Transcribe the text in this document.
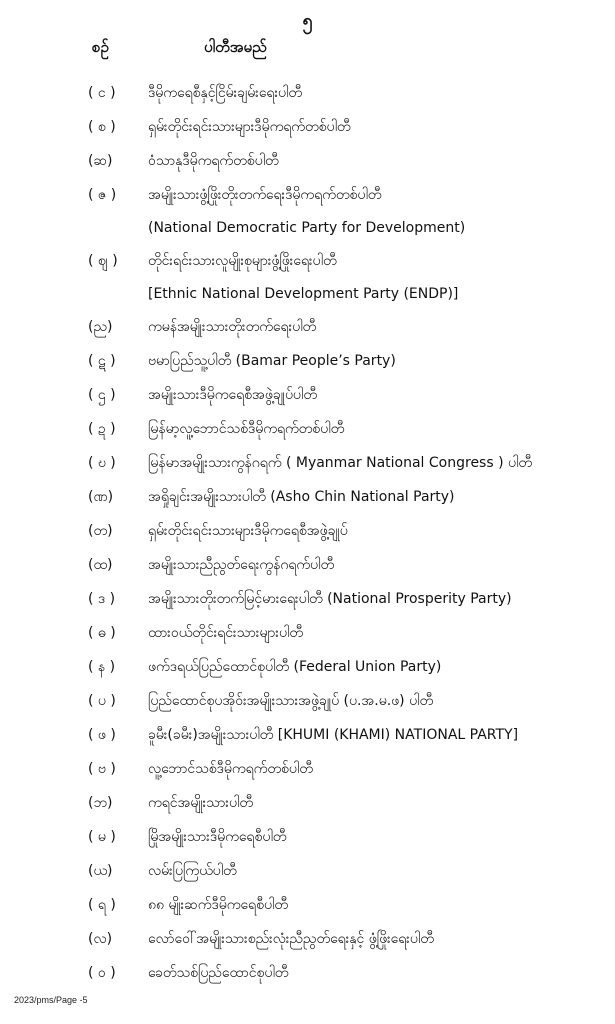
၅
စဉ်	ပါတီအမည်
( င )	ဒီမိုကရေစီနှင့်ငြိမ်းချမ်းရေးပါတီ
( စ )	ရှမ်းတိုင်းရင်းသားများဒီမိုကရက်တစ်ပါတီ
(ဆ)	ဝံသာနုဒီမိုကရက်တစ်ပါတီ
( ဇ )	အမျိုးသားဖွံ့ဖြိုးတိုးတက်ရေးဒီမိုကရက်တစ်ပါတီ
(National Democratic Party for Development)
( ဈ )	တိုင်းရင်းသားလူမျိုးစုများဖွံ့ဖြိုးရေးပါတီ
[Ethnic National Development Party (ENDP)]
(ည)	ကမန်အမျိုးသားတိုးတက်ရေးပါတီ
( ဋ )	ဗမာပြည်သူ့ပါတီ (Bamar People’s Party)
( ဌ )	အမျိုးသားဒီမိုကရေစီအဖွဲ့ချုပ်ပါတီ
( ဍ )	မြန်မာ့လူ့ဘောင်သစ်ဒီမိုကရက်တစ်ပါတီ
( ဎ )	မြန်မာအမျိုးသားကွန်ဂရက် ( Myanmar National Congress ) ပါတီ
(ဏ)	အရှိုချင်းအမျိုးသားပါတီ (Asho Chin National Party)
(တ)	ရှမ်းတိုင်းရင်းသားများဒီမိုကရေစီအဖွဲ့ချုပ်
(ထ)	အမျိုးသားညီညွတ်ရေးကွန်ဂရက်ပါတီ
( ဒ )	အမျိုးသားတိုးတက်မြင့်မားရေးပါတီ (National Prosperity Party)
( ဓ )	ထားဝယ်တိုင်းရင်းသားများပါတီ
( န )	ဖက်ဒရယ်ပြည်ထောင်စုပါတီ (Federal Union Party)
( ပ )	ပြည်ထောင်စုပအိုဝ်းအမျိုးသားအဖွဲ့ချုပ် (ပ.အ.မ.ဖ) ပါတီ
( ဖ )	ခူမီး(ခမီး)အမျိုးသားပါတီ [KHUMI (KHAMI) NATIONAL PARTY]
( ဗ )	လူ့ဘောင်သစ်ဒီမိုကရက်တစ်ပါတီ
(ဘ)	ကရင်အမျိုးသားပါတီ
( မ )	မြိုအမျိုးသားဒီမိုကရေစီပါတီ
(ယ)	လမ်းပြကြယ်ပါတီ
( ရ )	၈၈ မျိုးဆက်ဒီမိုကရေစီပါတီ
(လ)	လော်ဝေါ်အမျိုးသားစည်းလုံးညီညွတ်ရေးနှင့် ဖွံ့ဖြိုးရေးပါတီ
( ဝ )	ခေတ်သစ်ပြည်ထောင်စုပါတီ
2023/pms/Page -5
